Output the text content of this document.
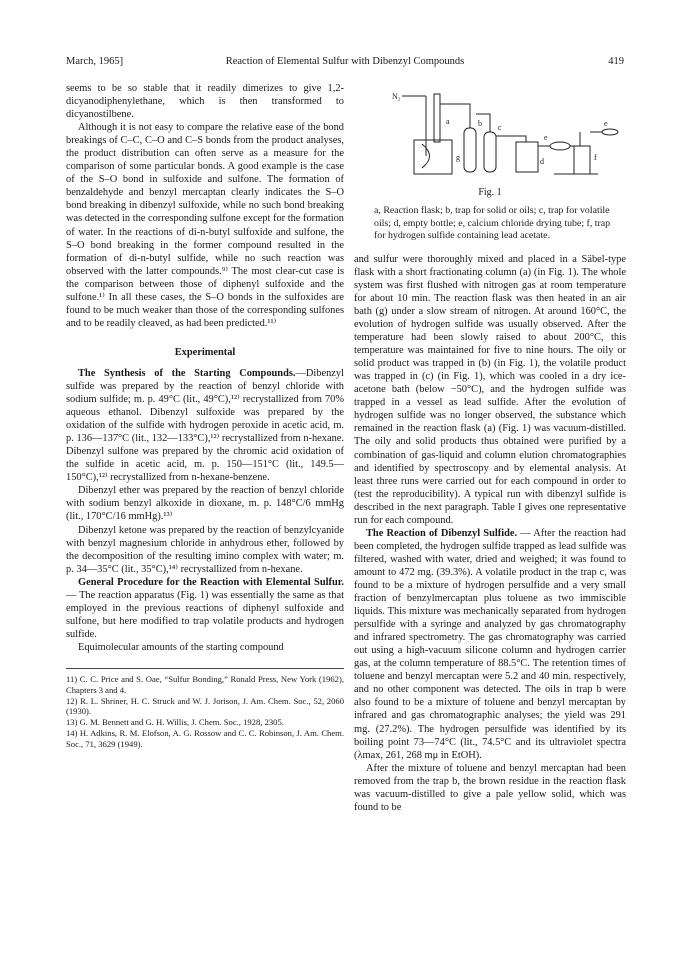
March, 1965]	Reaction of Elemental Sulfur with Dibenzyl Compounds	419

seems to be so stable that it readily dimerizes to give 1,2-dicyanodiphenylethane, which is then transformed to dicyanostilbene.

Although it is not easy to compare the relative ease of the bond breakings of C–C, C–O and C–S bonds from the product analyses, the product distribution can often serve as a measure for the comparison of some particular bonds. A good example is the case of the S–O bond in sulfoxide and sulfone. The formation of benzaldehyde and benzyl mercaptan clearly indicates the S–O bond breaking in dibenzyl sulfoxide, while no such bond breaking was detected in the corresponding sulfone except for the formation of water. In the reactions of di-n-butyl sulfoxide and sulfone, the S–O bond breaking in the former compound resulted in the formation of di-n-butyl sulfide, while no such reaction was observed with the latter compounds.⁹⁾ The most clear-cut case is the comparison between those of diphenyl sulfoxide and the sulfone.¹⁾ In all these cases, the S–O bonds in the sulfoxides are found to be much weaker than those of the corresponding sulfones and to be readily cleaved, as had been predicted.¹¹⁾

Experimental

The Synthesis of the Starting Compounds.—Dibenzyl sulfide was prepared by the reaction of benzyl chloride with sodium sulfide; m. p. 49°C (lit., 49°C),¹²⁾ recrystallized from 70% aqueous ethanol. Dibenzyl sulfoxide was prepared by the oxidation of the sulfide with hydrogen peroxide in acetic acid, m. p. 136—137°C (lit., 132—133°C),¹²⁾ recrystallized from n-hexane. Dibenzyl sulfone was prepared by the chromic acid oxidation of the sulfide in acetic acid, m. p. 150—151°C (lit., 149.5—150°C),¹²⁾ recrystallized from n-hexane-benzene.

Dibenzyl ether was prepared by the reaction of benzyl chloride with sodium benzyl alkoxide in dioxane, m. p. 148°C/6 mmHg (lit., 170°C/16 mmHg).¹³⁾

Dibenzyl ketone was prepared by the reaction of benzylcyanide with benzyl magnesium chloride in anhydrous ether, followed by the decomposition of the resulting imino complex with water; m. p. 34—35°C (lit., 35°C),¹⁴⁾ recrystallized from n-hexane.

General Procedure for the Reaction with Elemental Sulfur. — The reaction apparatus (Fig. 1) was essentially the same as that employed in the previous reactions of diphenyl sulfoxide and sulfone, but here modified to trap volatile products and hydrogen sulfide.

Equimolecular amounts of the starting compound

11) C. C. Price and S. Oae, “Sulfur Bonding,” Ronald Press, New York (1962), Chapters 3 and 4.
12) R. L. Shriner, H. C. Struck and W. J. Jorison, J. Am. Chem. Soc., 52, 2060 (1930).
13) G. M. Bennett and G. H. Willis, J. Chem. Soc., 1928, 2305.
14) H. Adkins, R. M. Elofson, A. G. Rossow and C. C. Robinson, J. Am. Chem. Soc., 71, 3629 (1949).
N₂
a	b c
d
e
e
f
g
Fig. 1
a, Reaction flask; b, trap for solid or oils; c, trap for volatile oils; d, empty bottle; e, calcium chloride drying tube; f, trap for hydrogen sulfide containing lead acetate.

and sulfur were thoroughly mixed and placed in a Säbel-type flask with a short fractionating column (a) (in Fig. 1). The whole system was first flushed with nitrogen gas at room temperature for about 10 min. The reaction flask was then heated in an air bath (g) under a slow stream of nitrogen. At around 160°C, the evolution of hydrogen sulfide was usually observed. After the temperature had been slowly raised to about 200°C, this temperature was maintained for five to nine hours. The oily or solid product was trapped in (b) (in Fig. 1), the volatile product was trapped in (c) (in Fig. 1), which was cooled in a dry ice-acetone bath (below −50°C), and the hydrogen sulfide was trapped in a vessel as lead sulfide. After the evolution of hydrogen sulfide was no longer observed, the substance which remained in the reaction flask (a) (Fig. 1) was vacuum-distilled. The oily and solid products thus obtained were purified by a combination of gas-liquid and column elution chromatographies and identified by spectroscopy and by elemental analysis. At least three runs were carried out for each compound in order to (test the reproducibility). A typical run with dibenzyl sulfide is described in the next paragraph. Table I gives one representative run for each compound.

The Reaction of Dibenzyl Sulfide. — After the reaction had been completed, the hydrogen sulfide trapped as lead sulfide was filtered, washed with water, dried and weighed; it was found to amount to 472 mg. (39.3%). A volatile product in the trap c, was found to be a mixture of hydrogen persulfide and a very small fraction of benzylmercaptan plus toluene as two immiscible liquids. This mixture was mechanically separated from hydrogen persulfide with a syringe and analyzed by gas chromatography and infrared spectrometry. The gas chromatography was carried out using a high-vacuum silicone column and hydrogen carrier gas, at the column temperature of 88.5°C. The retention times of toluene and benzyl mercaptan were 5.2 and 40 min. respectively, and no other component was detected. The oils in trap b were also found to be a mixture of toluene and benzyl mercaptan by infrared and gas chromatographic analyses; the yield was 291 mg. (27.2%). The hydrogen persulfide was identified by its boiling point 73—74°C (lit., 74.5°C and its ultraviolet spectra (λmax, 261, 268 mμ in EtOH).

After the mixture of toluene and benzyl mercaptan had been removed from the trap b, the brown residue in the reaction flask was vacuum-distilled to give a pale yellow solid, which was found to be
